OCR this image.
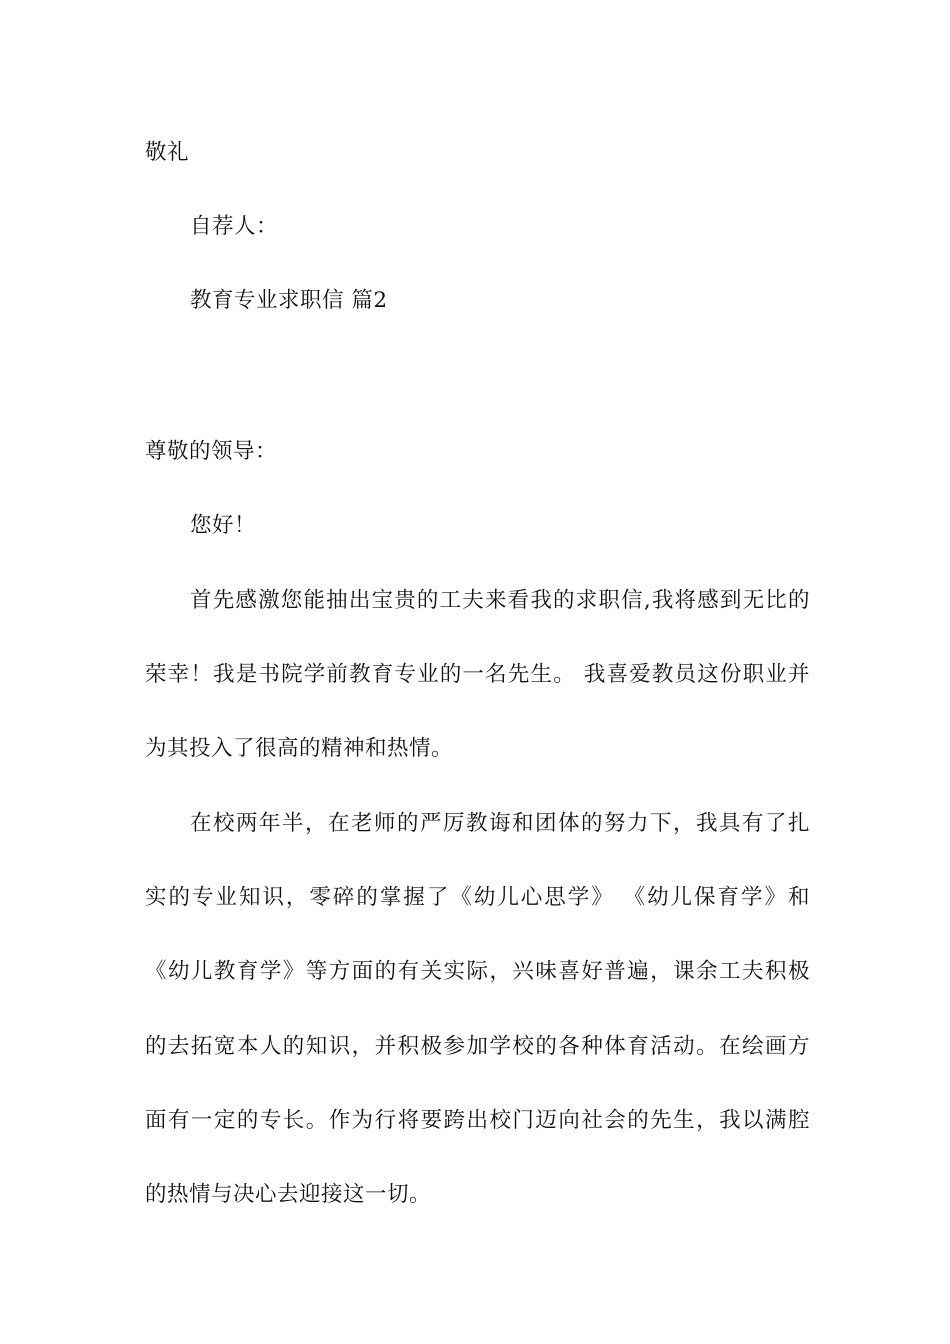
敬礼
自荐人：
教育专业求职信 篇2
尊敬的领导：
您好！
首先感激您能抽出宝贵的工夫来看我的求职信,我将感到无比的
荣幸！我是书院学前教育专业的一名先生。 我喜爱教员这份职业并
为其投入了很高的精神和热情。
在校两年半，在老师的严厉教诲和团体的努力下，我具有了扎
实的专业知识，零碎的掌握了《幼儿心思学》 《幼儿保育学》和
《幼儿教育学》等方面的有关实际，兴味喜好普遍，课余工夫积极
的去拓宽本人的知识，并积极参加学校的各种体育活动。在绘画方
面有一定的专长。作为行将要跨出校门迈向社会的先生，我以满腔
的热情与决心去迎接这一切。
